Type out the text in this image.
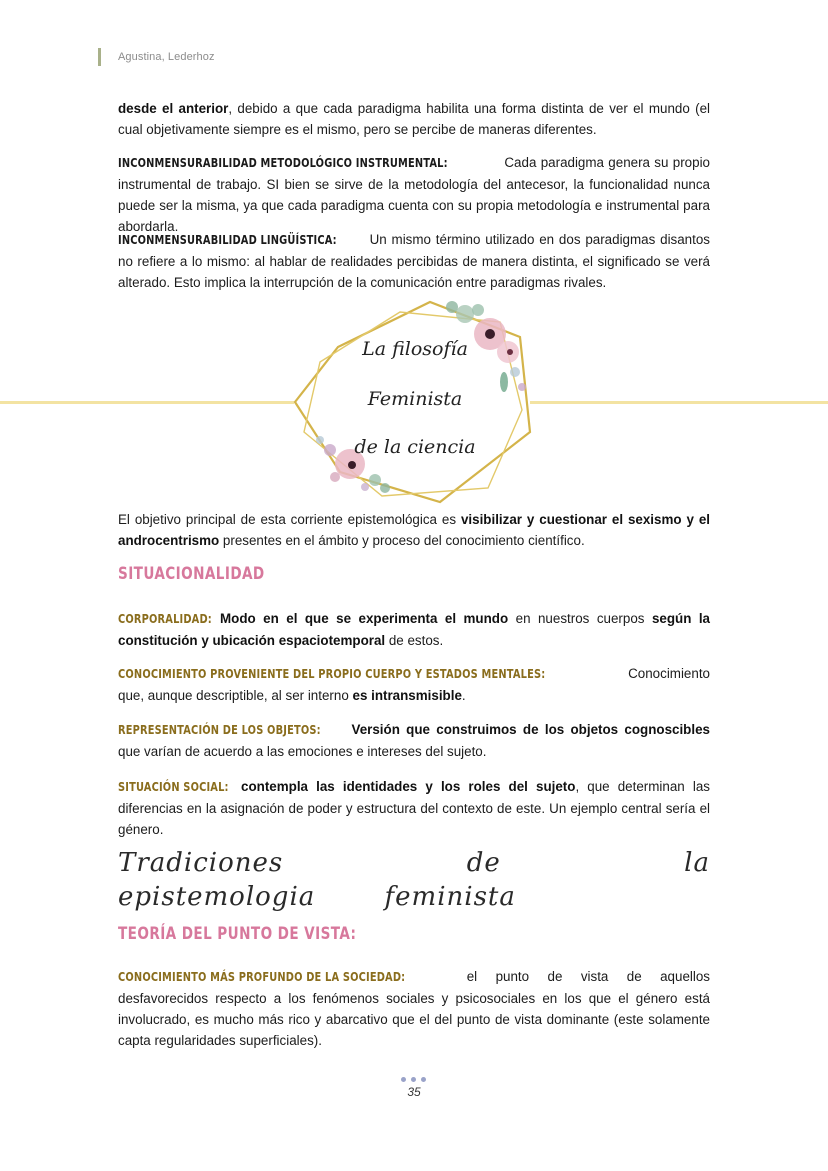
Agustina, Lederhoz

desde el anterior, debido a que cada paradigma habilita una forma distinta de ver el mundo (el cual objetivamente siempre es el mismo, pero se percibe de maneras diferentes.

INCONMENSURABILIDAD METODOLÓGICO INSTRUMENTAL:	Cada paradigma genera su propio instrumental de trabajo. SI bien se sirve de la metodología del antecesor, la funcionalidad nunca puede ser la misma, ya que cada paradigma cuenta con su propia metodología e instrumental para abordarla.

INCONMENSURABILIDAD LINGÜÍSTICA: Un mismo término utilizado en dos paradigmas disantos no refiere a lo mismo: al hablar de realidades percibidas de manera distinta, el significado se verá alterado. Esto implica la interrupción de la comunicación entre paradigmas rivales.

La filosofía
Feminista
de la ciencia

El objetivo principal de esta corriente epistemológica es visibilizar y cuestionar el sexismo y el androcentrismo presentes en el ámbito y proceso del conocimiento científico.

SITUACIONALIDAD

CORPORALIDAD: Modo en el que se experimenta el mundo en nuestros cuerpos según la constitución y ubicación espaciotemporal de estos.

CONOCIMIENTO PROVENIENTE DEL PROPIO CUERPO Y ESTADOS MENTALES:	Conocimiento que, aunque descriptible, al ser interno es intransmisible.

REPRESENTACIÓN DE LOS OBJETOS: Versión que construimos de los objetos cognoscibles que varían de acuerdo a las emociones e intereses del sujeto.

SITUACIÓN SOCIAL: contempla las identidades y los roles del sujeto, que determinan las diferencias en la asignación de poder y estructura del contexto de este. Un ejemplo central sería el género.

Tradiciones de la epistemologia feminista
TEORÍA DEL PUNTO DE VISTA:

CONOCIMIENTO MÁS PROFUNDO DE LA SOCIEDAD:	el punto de vista de aquellos desfavorecidos respecto a los fenómenos sociales y psicosociales en los que el género está involucrado, es mucho más rico y abarcativo que el del punto de vista dominante (este solamente capta regularidades superficiales).

35
